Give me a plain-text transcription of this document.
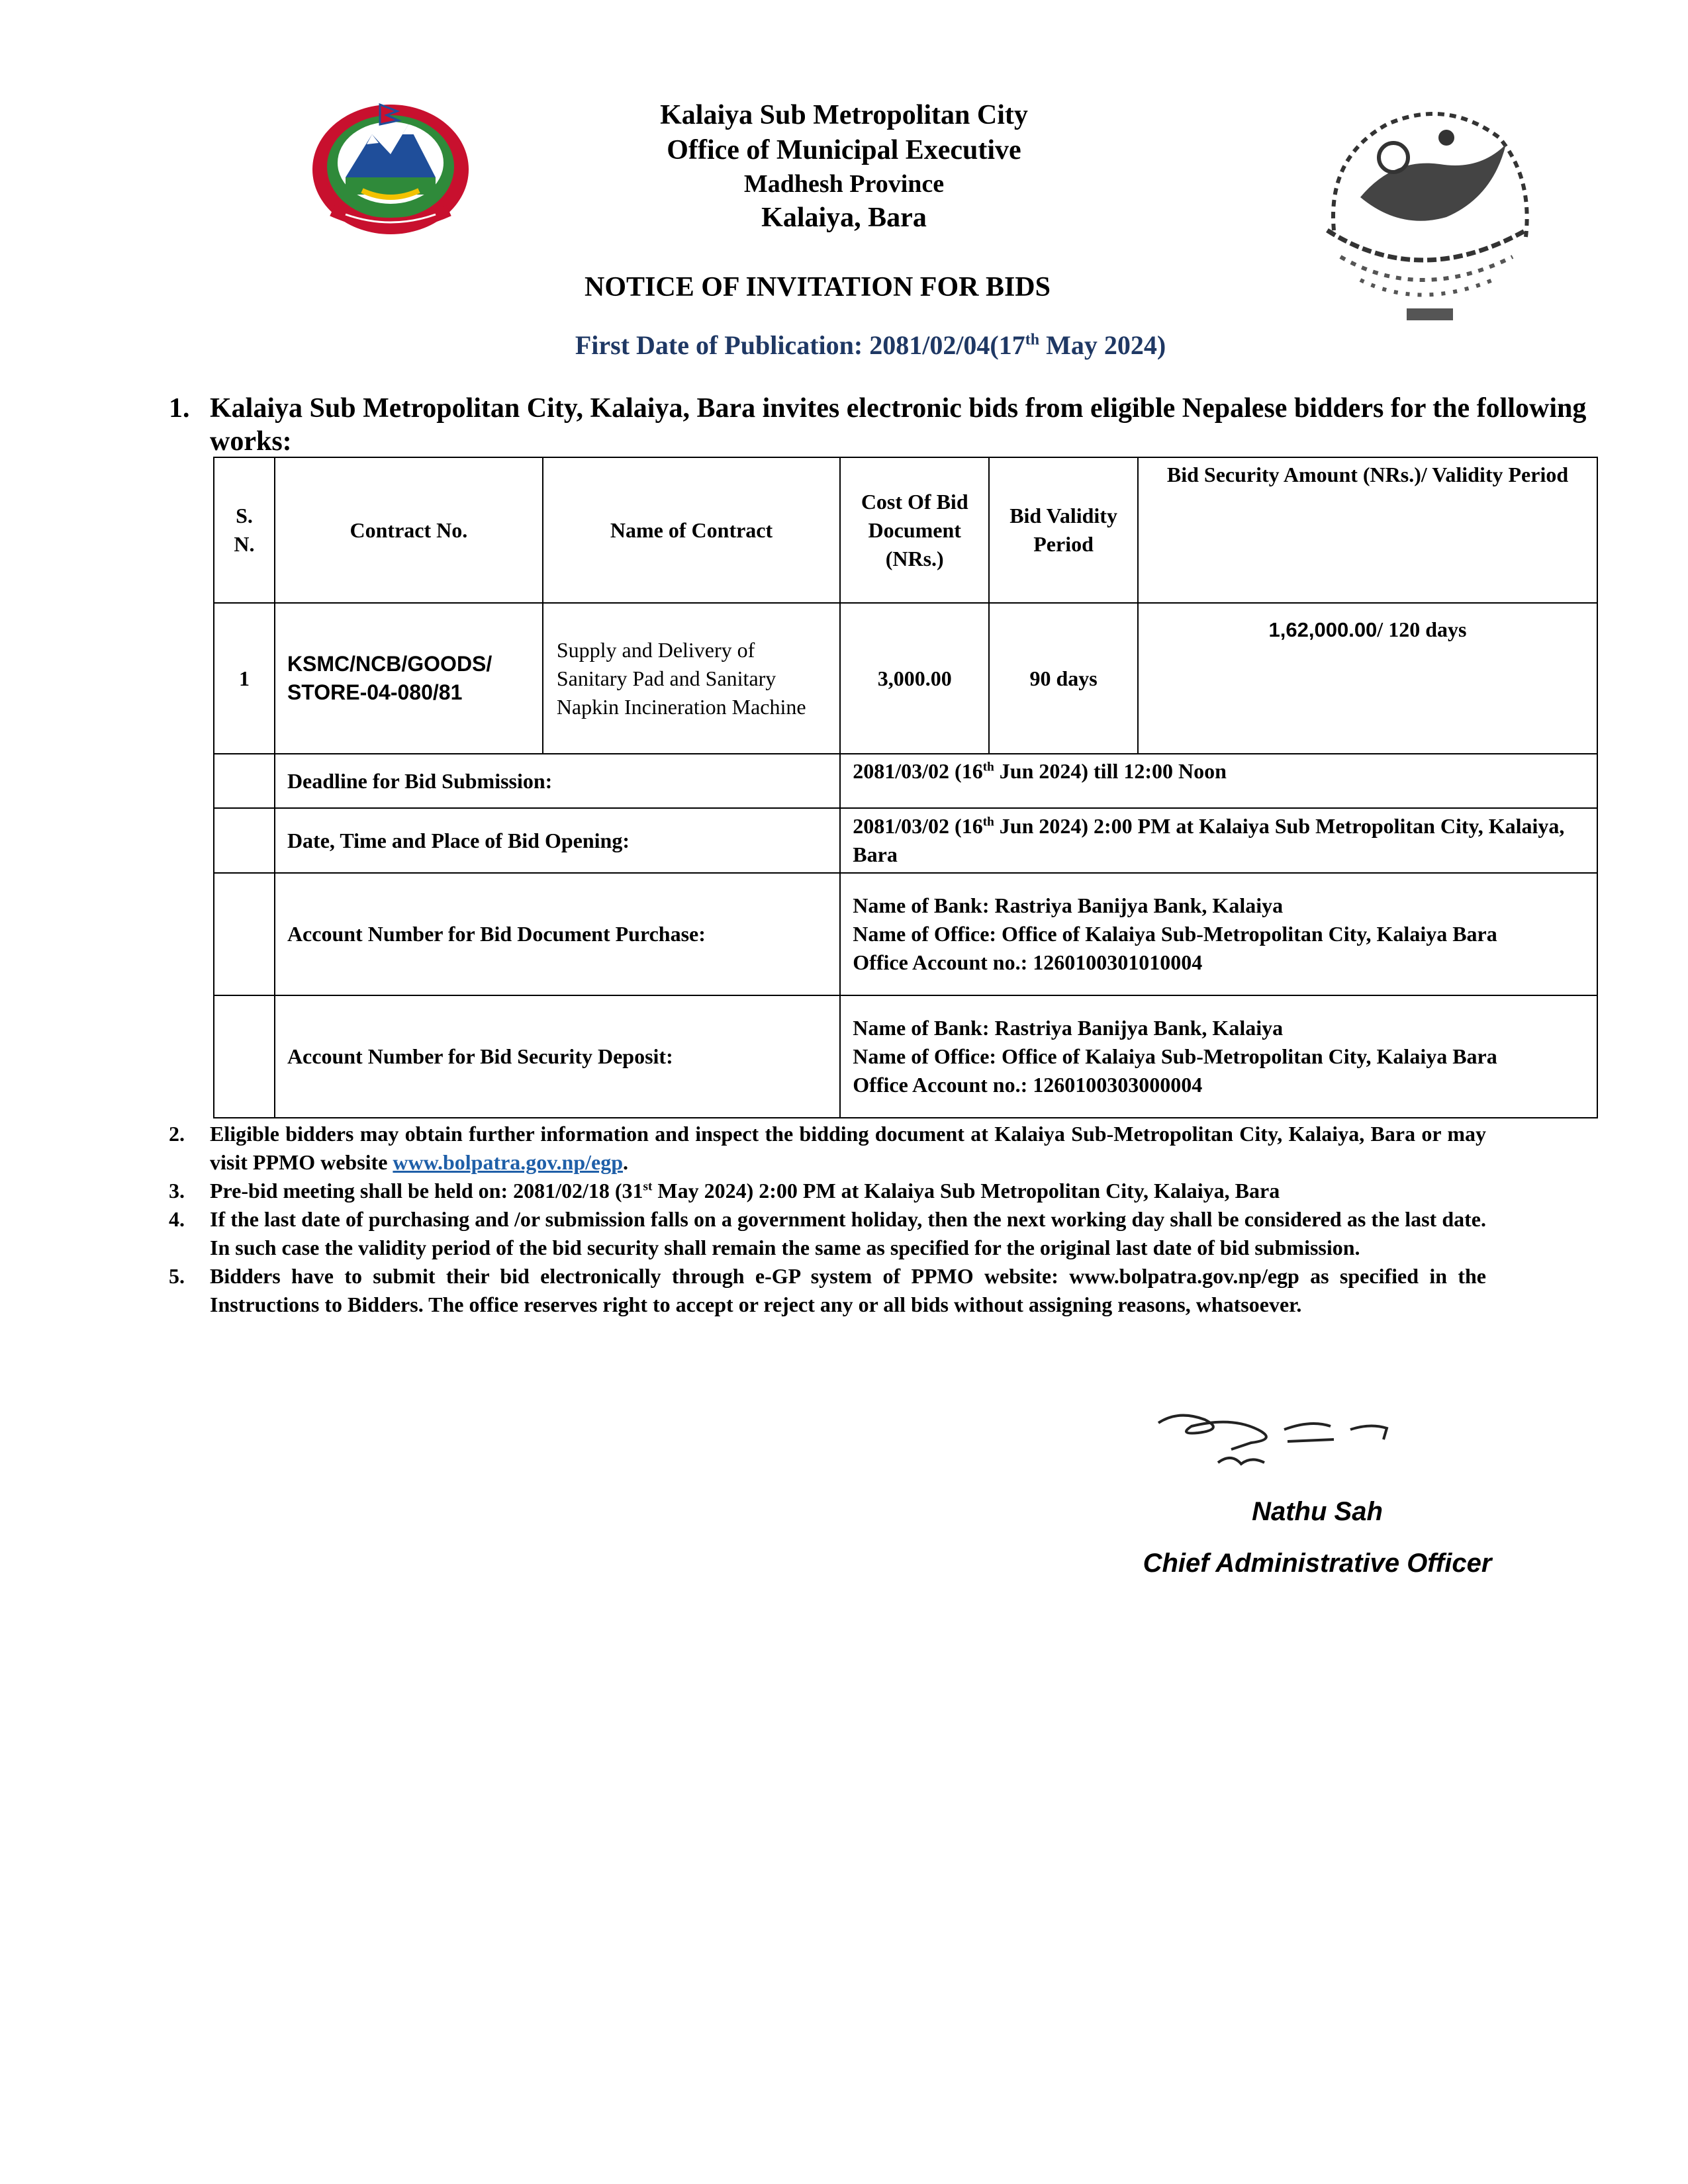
Kalaiya Sub Metropolitan City
Office of Municipal Executive
Madhesh Province
Kalaiya, Bara
NOTICE OF INVITATION FOR BIDS
First Date of Publication: 2081/02/04(17th May 2024)
1. Kalaiya Sub Metropolitan City, Kalaiya, Bara invites electronic bids from eligible Nepalese bidders for the following works:
S. N.	Contract No.	Name of Contract	Cost Of Bid Document (NRs.)	Bid Validity Period	Bid Security Amount (NRs.)/ Validity Period
1	KSMC/NCB/GOODS/ STORE-04-080/81	Supply and Delivery of Sanitary Pad and Sanitary Napkin Incineration Machine	3,000.00	90 days	1,62,000.00/ 120 days
	Deadline for Bid Submission:		2081/03/02 (16th Jun 2024) till 12:00 Noon		
	Date, Time and Place of Bid Opening:		2081/03/02 (16th Jun 2024) 2:00 PM at Kalaiya Sub Metropolitan City, Kalaiya, Bara		
	Account Number for Bid Document Purchase:		Name of Bank: Rastriya Banijya Bank, Kalaiya
Name of Office: Office of Kalaiya Sub-Metropolitan City, Kalaiya Bara
Office Account no.: 1260100301010004		

	Account Number for Bid Security Deposit:		Name of Bank: Rastriya Banijya Bank, Kalaiya
Name of Office: Office of Kalaiya Sub-Metropolitan City, Kalaiya Bara
Office Account no.: 1260100303000004		
2. Eligible bidders may obtain further information and inspect the bidding document at Kalaiya Sub-Metropolitan City, Kalaiya, Bara or may visit PPMO website www.bolpatra.gov.np/egp.
3. Pre-bid meeting shall be held on: 2081/02/18 (31st May 2024) 2:00 PM at Kalaiya Sub Metropolitan City, Kalaiya, Bara
4. If the last date of purchasing and /or submission falls on a government holiday, then the next working day shall be considered as the last date. In such case the validity period of the bid security shall remain the same as specified for the original last date of bid submission.
5. Bidders have to submit their bid electronically through e-GP system of PPMO website: www.bolpatra.gov.np/egp as specified in the Instructions to Bidders. The office reserves right to accept or reject any or all bids without assigning reasons, whatsoever.
Nathu Sah
Chief Administrative Officer
